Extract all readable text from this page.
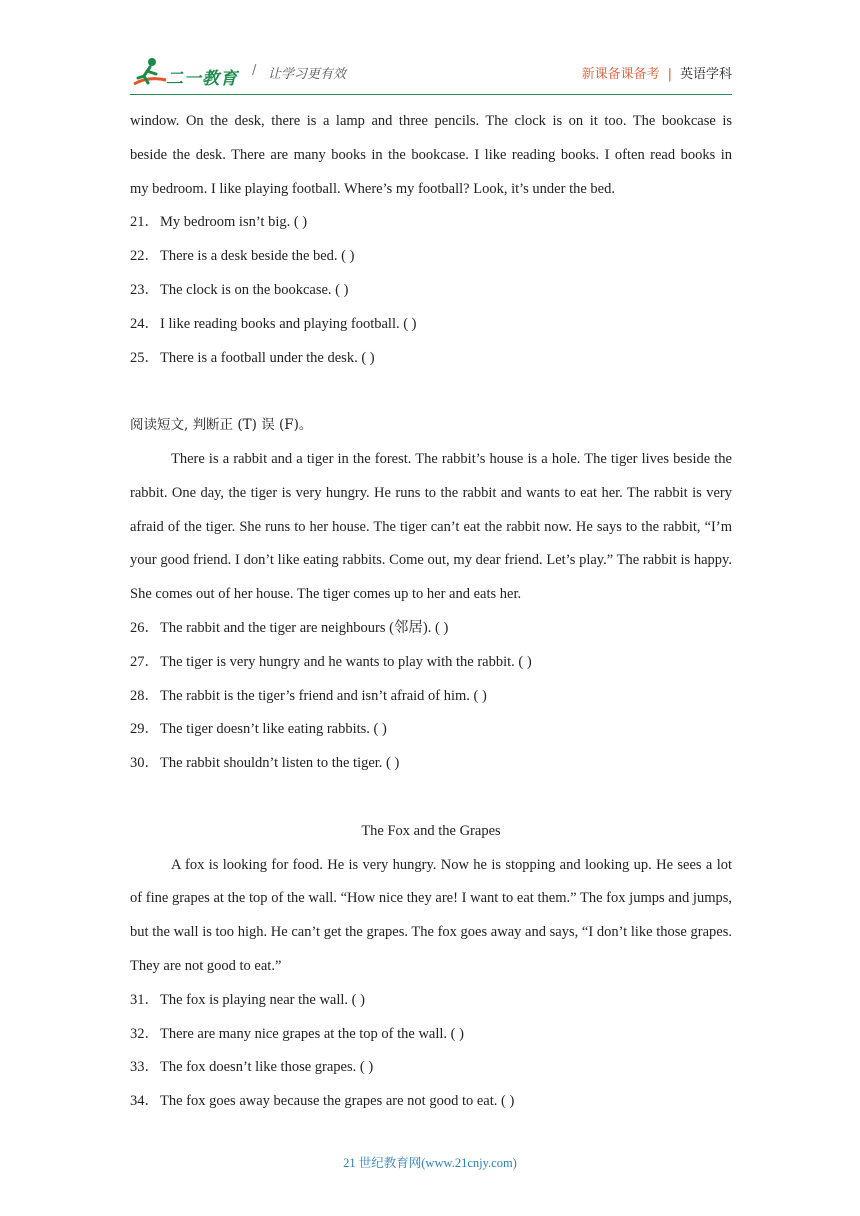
二一教育 / 让学习更有效	新课备课备考 | 英语学科
window. On the desk, there is a lamp and three pencils. The clock is on it too. The bookcase is
beside the desk. There are many books in the bookcase. I like reading books. I often read books in
my bedroom. I like playing football. Where’s my football? Look, it’s under the bed.
21．My bedroom isn’t big. ( )
22．There is a desk beside the bed. ( )
23．The clock is on the bookcase. ( )
24．I like reading books and playing football. ( )
25．There is a football under the desk. ( )
阅读短文, 判断正 (T) 误 (F)。
There is a rabbit and a tiger in the forest. The rabbit’s house is a hole. The tiger lives beside the rabbit. One day, the tiger is very hungry. He runs to the rabbit and wants to eat her. The rabbit is very afraid of the tiger. She runs to her house. The tiger can’t eat the rabbit now. He says to the rabbit, “I’m your good friend. I don’t like eating rabbits. Come out, my dear friend. Let’s play.” The rabbit is happy. She comes out of her house. The tiger comes up to her and eats her.
26．The rabbit and the tiger are neighbours (邻居). ( )
27．The tiger is very hungry and he wants to play with the rabbit. ( )
28．The rabbit is the tiger’s friend and isn’t afraid of him. ( )
29．The tiger doesn’t like eating rabbits. ( )
30．The rabbit shouldn’t listen to the tiger. ( )
The Fox and the Grapes
A fox is looking for food. He is very hungry. Now he is stopping and looking up. He sees a lot of fine grapes at the top of the wall. “How nice they are! I want to eat them.” The fox jumps and jumps, but the wall is too high. He can’t get the grapes. The fox goes away and says, “I don’t like those grapes. They are not good to eat.”
31．The fox is playing near the wall. ( )
32．There are many nice grapes at the top of the wall. ( )
33．The fox doesn’t like those grapes. ( )
34．The fox goes away because the grapes are not good to eat. ( )
21 世纪教育网(www.21cnjy.com)
